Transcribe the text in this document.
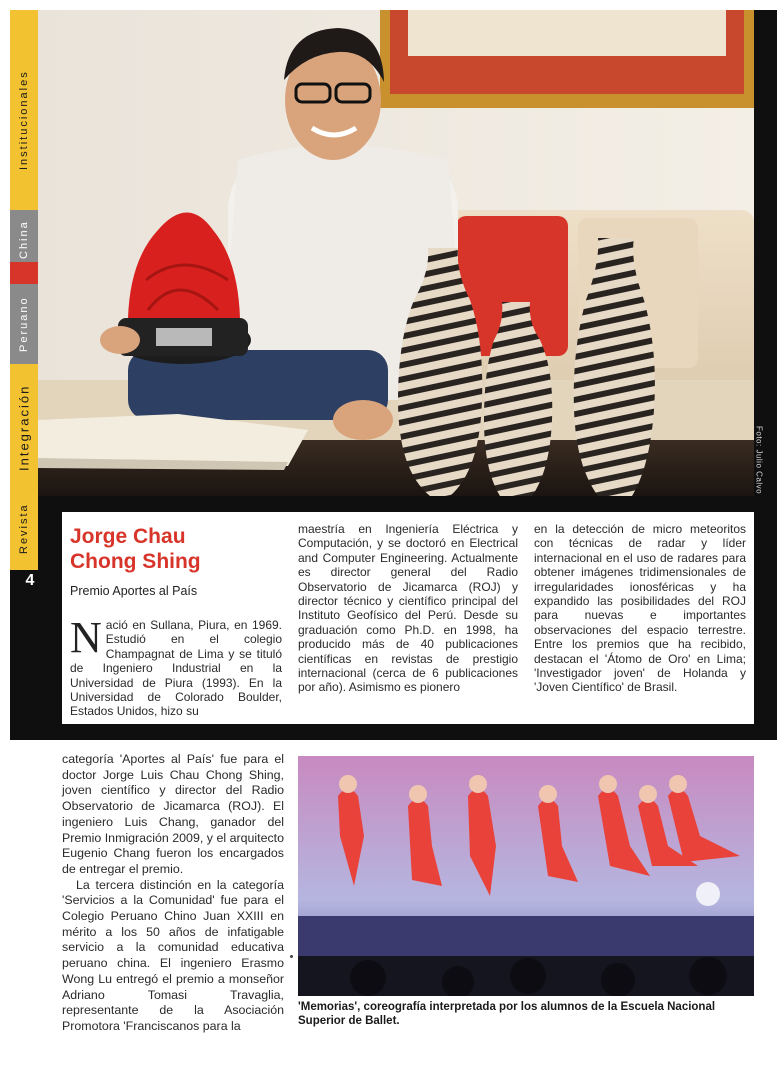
Institucionales
China
Peruano
Integración
Revista
4
Foto: Julio Calvo
Jorge Chau
Chong Shing
Premio Aportes al País
Nació en Sullana, Piura, en 1969. Estudió en el colegio Champagnat de Lima y se tituló de Ingeniero Industrial en la Universidad de Piura (1993). En la Universidad de Colorado Boulder, Estados Unidos, hizo su
maestría en Ingeniería Eléctrica y Computación, y se doctoró en Electrical and Computer Engineering. Actualmente es director general del Radio Observatorio de Jicamarca (ROJ) y director técnico y científico principal del Instituto Geofísico del Perú. Desde su graduación como Ph.D. en 1998, ha producido más de 40 publicaciones científicas en revistas de prestigio internacional (cerca de 6 publicaciones por año). Asimismo es pionero
en la detección de micro meteoritos con técnicas de radar y líder internacional en el uso de radares para obtener imágenes tridimensionales de irregularidades ionosféricas y ha expandido las posibilidades del ROJ para nuevas e importantes observaciones del espacio terrestre. Entre los premios que ha recibido, destacan el 'Átomo de Oro' en Lima; 'Investigador joven' de Holanda y 'Joven Científico' de Brasil.

categoría 'Aportes al País' fue para el doctor Jorge Luis Chau Chong Shing, joven científico y director del Radio Observatorio de Jicamarca (ROJ). El ingeniero Luis Chang, ganador del Premio Inmigración 2009, y el arquitecto Eugenio Chang fueron los encargados de entregar el premio.

La tercera distinción en la categoría 'Servicios a la Comunidad' fue para el Colegio Peruano Chino Juan XXIII en mérito a los 50 años de infatigable servicio a la comunidad educativa peruano china. El ingeniero Erasmo Wong Lu entregó el premio a monseñor Adriano Tomasi Travaglia, representante de la Asociación Promotora 'Franciscanos para la

'Memorias', coreografía interpretada por los alumnos de la Escuela Nacional Superior de Ballet.
